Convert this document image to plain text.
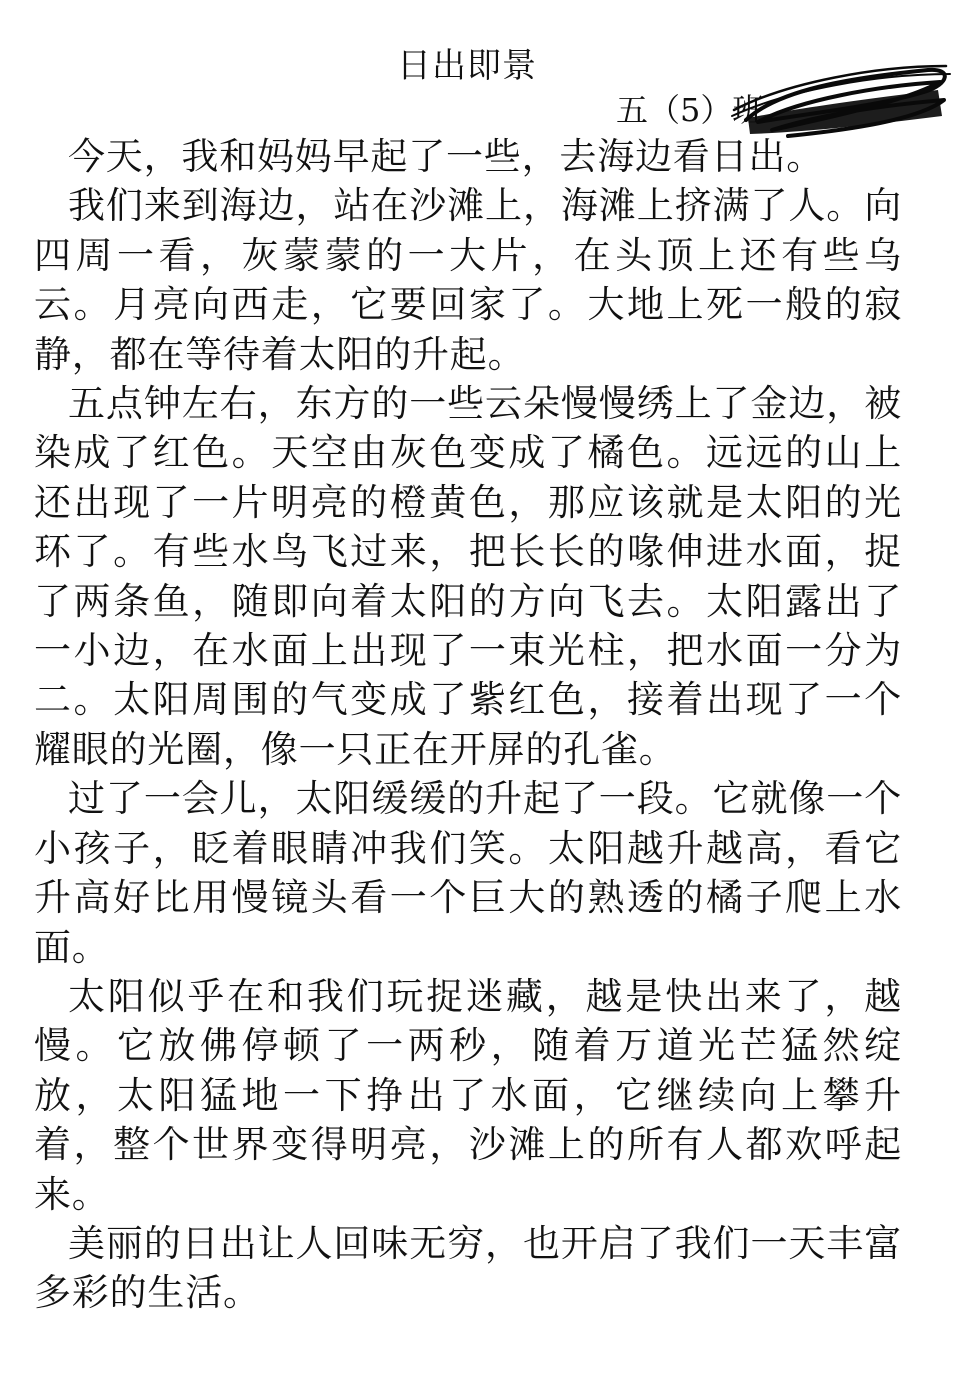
日出即景
五（5）班

今天，我和妈妈早起了一些，去海边看日出。

我们来到海边，站在沙滩上，海滩上挤满了人。向四周一看，灰蒙蒙的一大片，在头顶上还有些乌云。月亮向西走，它要回家了。大地上死一般的寂静，都在等待着太阳的升起。

五点钟左右，东方的一些云朵慢慢绣上了金边，被染成了红色。天空由灰色变成了橘色。远远的山上还出现了一片明亮的橙黄色，那应该就是太阳的光环了。有些水鸟飞过来，把长长的喙伸进水面，捉了两条鱼，随即向着太阳的方向飞去。太阳露出了一小边，在水面上出现了一束光柱，把水面一分为二。太阳周围的气变成了紫红色，接着出现了一个耀眼的光圈，像一只正在开屏的孔雀。

过了一会儿，太阳缓缓的升起了一段。它就像一个小孩子，眨着眼睛冲我们笑。太阳越升越高，看它升高好比用慢镜头看一个巨大的熟透的橘子爬上水面。

太阳似乎在和我们玩捉迷藏，越是快出来了，越慢。它放佛停顿了一两秒，随着万道光芒猛然绽放，太阳猛地一下挣出了水面，它继续向上攀升着，整个世界变得明亮，沙滩上的所有人都欢呼起来。

美丽的日出让人回味无穷，也开启了我们一天丰富多彩的生活。
